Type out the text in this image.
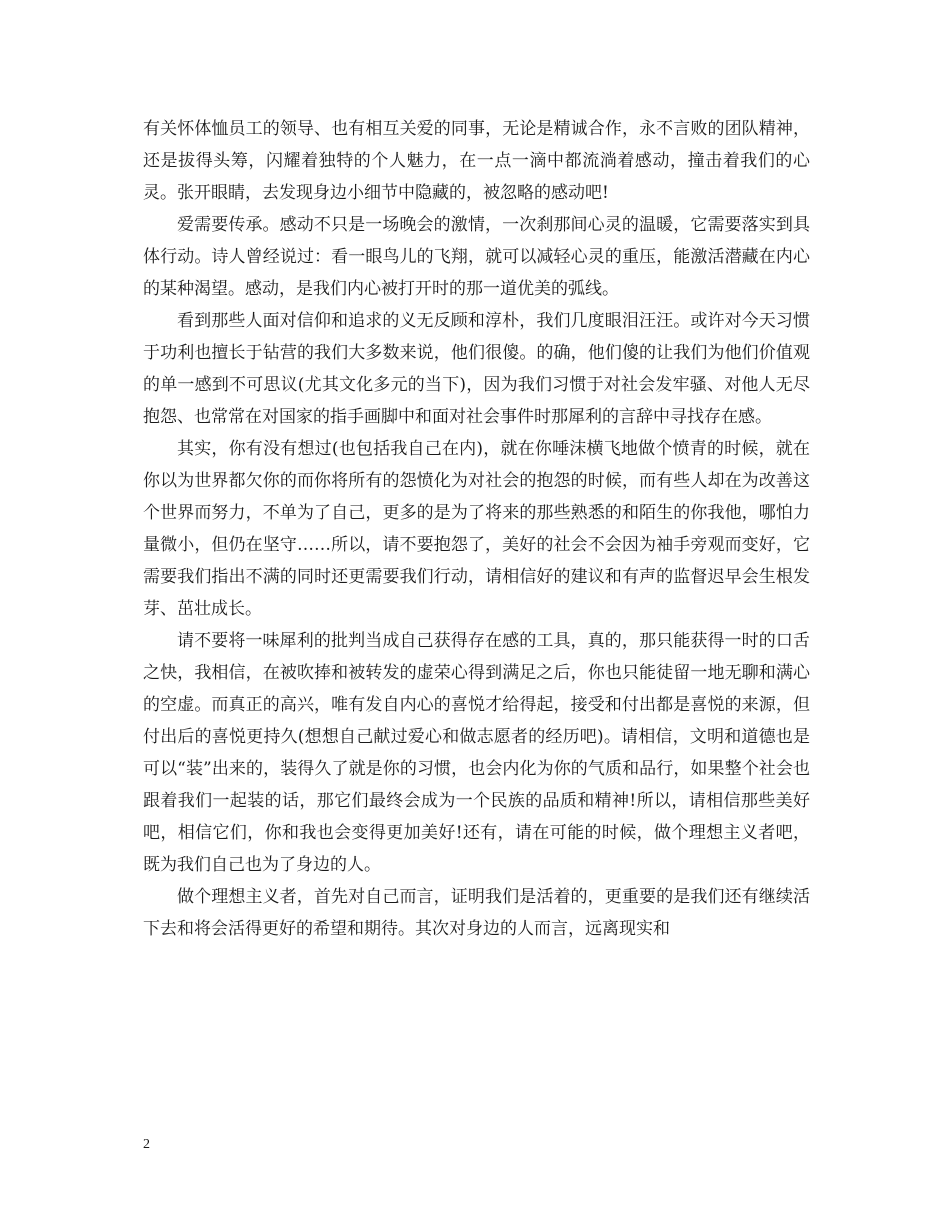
有关怀体恤员工的领导、也有相互关爱的同事，无论是精诚合作，永不言败的团队精神，还是拔得头筹，闪耀着独特的个人魅力，在一点一滴中都流淌着感动，撞击着我们的心灵。张开眼睛，去发现身边小细节中隐藏的，被忽略的感动吧!

爱需要传承。感动不只是一场晚会的激情，一次刹那间心灵的温暖，它需要落实到具体行动。诗人曾经说过：看一眼鸟儿的飞翔，就可以减轻心灵的重压，能激活潜藏在内心的某种渴望。感动，是我们内心被打开时的那一道优美的弧线。

看到那些人面对信仰和追求的义无反顾和淳朴，我们几度眼泪汪汪。或许对今天习惯于功利也擅长于钻营的我们大多数来说，他们很傻。的确，他们傻的让我们为他们价值观的单一感到不可思议(尤其文化多元的当下)，因为我们习惯于对社会发牢骚、对他人无尽抱怨、也常常在对国家的指手画脚中和面对社会事件时那犀利的言辞中寻找存在感。

其实，你有没有想过(也包括我自己在内)，就在你唾沫横飞地做个愤青的时候，就在你以为世界都欠你的而你将所有的怨愤化为对社会的抱怨的时候，而有些人却在为改善这个世界而努力，不单为了自己，更多的是为了将来的那些熟悉的和陌生的你我他，哪怕力量微小，但仍在坚守……所以，请不要抱怨了，美好的社会不会因为袖手旁观而变好，它需要我们指出不满的同时还更需要我们行动，请相信好的建议和有声的监督迟早会生根发芽、茁壮成长。

请不要将一味犀利的批判当成自己获得存在感的工具，真的，那只能获得一时的口舌之快，我相信，在被吹捧和被转发的虚荣心得到满足之后，你也只能徒留一地无聊和满心的空虚。而真正的高兴，唯有发自内心的喜悦才给得起，接受和付出都是喜悦的来源，但付出后的喜悦更持久(想想自己献过爱心和做志愿者的经历吧)。请相信，文明和道德也是可以“装”出来的，装得久了就是你的习惯，也会内化为你的气质和品行，如果整个社会也跟着我们一起装的话，那它们最终会成为一个民族的品质和精神!所以，请相信那些美好吧，相信它们，你和我也会变得更加美好!还有，请在可能的时候，做个理想主义者吧，既为我们自己也为了身边的人。

做个理想主义者，首先对自己而言，证明我们是活着的，更重要的是我们还有继续活下去和将会活得更好的希望和期待。其次对身边的人而言，远离现实和

2
